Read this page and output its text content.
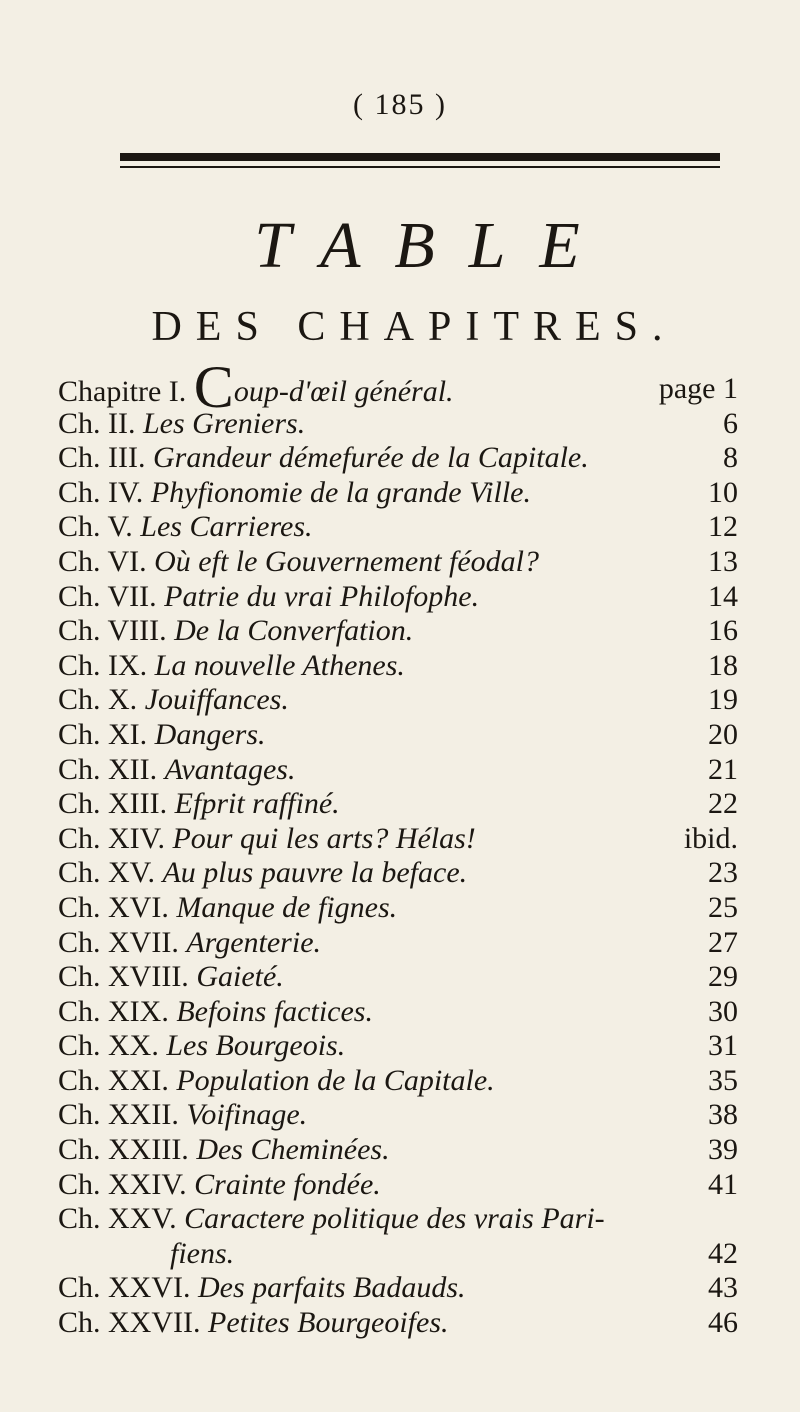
( 185 )
TABLE
DES CHAPITRES.
Chapitre I. Coup-d'œil général.	page 1
Ch. II. Les Greniers.	6
Ch. III. Grandeur démefurée de la Capitale.	8
Ch. IV. Phyfionomie de la grande Ville.	10
Ch. V. Les Carrieres.	12
Ch. VI. Où eft le Gouvernement féodal?	13
Ch. VII. Patrie du vrai Philofophe.	14
Ch. VIII. De la Converfation.	16
Ch. IX. La nouvelle Athenes.	18
Ch. X. Jouiffances.	19
Ch. XI. Dangers.	20
Ch. XII. Avantages.	21
Ch. XIII. Efprit raffiné.	22
Ch. XIV. Pour qui les arts? Hélas!	ibid.
Ch. XV. Au plus pauvre la beface.	23
Ch. XVI. Manque de fignes.	25
Ch. XVII. Argenterie.	27
Ch. XVIII. Gaieté.	29
Ch. XIX. Befoins factices.	30
Ch. XX. Les Bourgeois.	31
Ch. XXI. Population de la Capitale.	35
Ch. XXII. Voifinage.	38
Ch. XXIII. Des Cheminées.	39
Ch. XXIV. Crainte fondée.	41
Ch. XXV. Caractere politique des vrais Pari-
fiens.	42
Ch. XXVI. Des parfaits Badauds.	43
Ch. XXVII. Petites Bourgeoifes.	46
